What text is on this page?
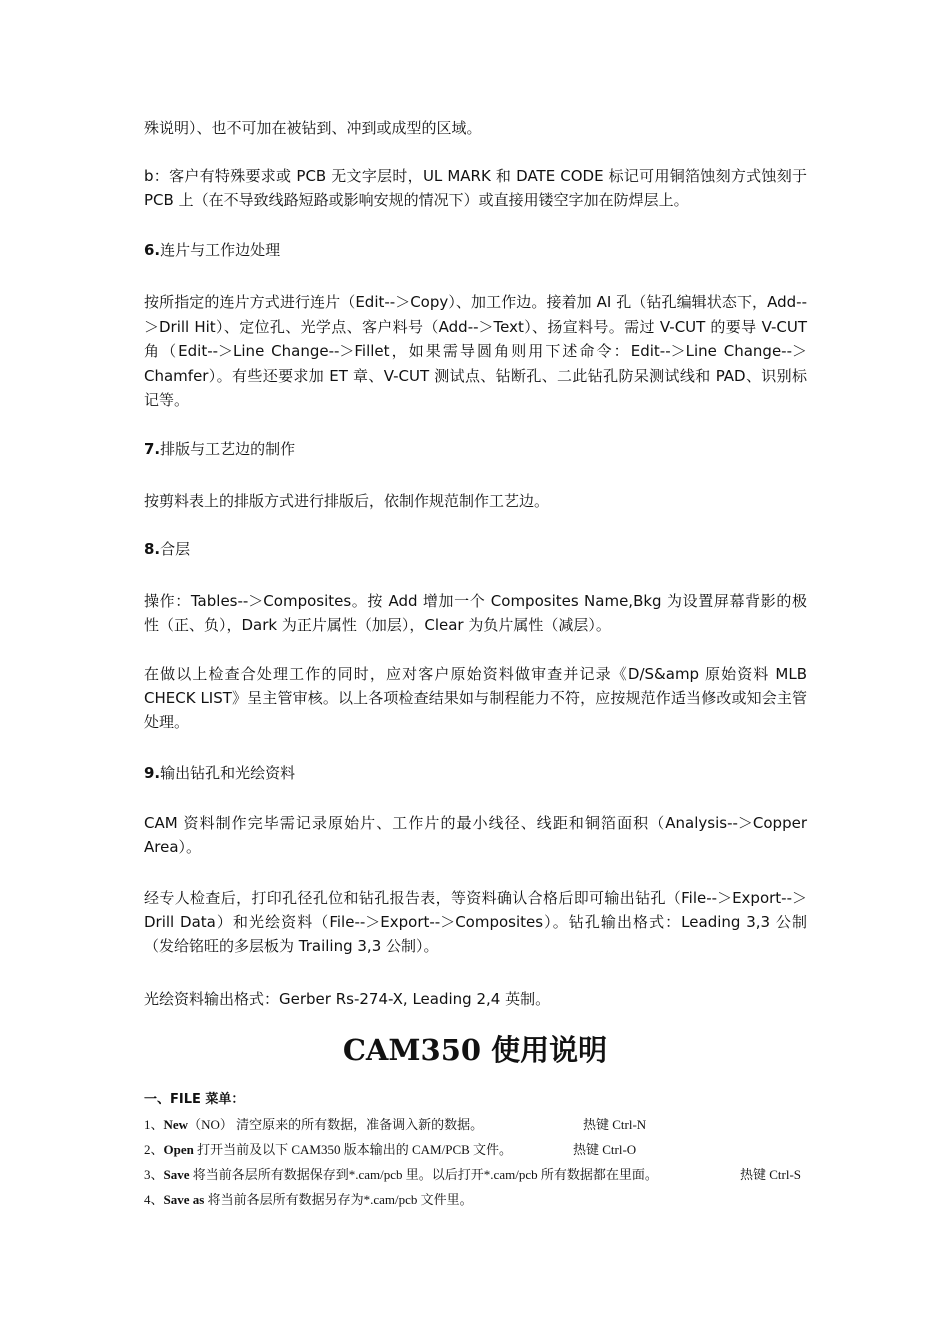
殊说明）、也不可加在被钻到、冲到或成型的区域。

b：客户有特殊要求或 PCB 无文字层时，UL MARK 和 DATE CODE 标记可用铜箔蚀刻方式蚀刻于 PCB 上（在不导致线路短路或影响安规的情况下）或直接用镂空字加在防焊层上。

6.连片与工作边处理

按所指定的连片方式进行连片（Edit--＞Copy）、加工作边。接着加 AI 孔（钻孔编辑状态下，Add--＞Drill Hit）、定位孔、光学点、客户料号（Add--＞Text）、扬宣料号。需过 V-CUT 的要导 V-CUT 角（Edit--＞Line Change--＞Fillet，如果需导圆角则用下述命令：Edit--＞Line Change--＞Chamfer）。有些还要求加 ET 章、V-CUT 测试点、钻断孔、二此钻孔防呆测试线和 PAD、识别标记等。

7.排版与工艺边的制作

按剪料表上的排版方式进行排版后，依制作规范制作工艺边。

8.合层

操作：Tables--＞Composites。按 Add 增加一个 Composites Name,Bkg 为设置屏幕背影的极性（正、负），Dark 为正片属性（加层），Clear 为负片属性（减层）。

在做以上检查合处理工作的同时，应对客户原始资料做审查并记录《D/S&amp 原始资料 MLB CHECK LIST》呈主管审核。以上各项检查结果如与制程能力不符，应按规范作适当修改或知会主管处理。

9.输出钻孔和光绘资料

CAM 资料制作完毕需记录原始片、工作片的最小线径、线距和铜箔面积（Analysis--＞Copper Area）。

经专人检查后，打印孔径孔位和钻孔报告表，等资料确认合格后即可输出钻孔（File--＞Export--＞Drill Data）和光绘资料（File--＞Export--＞Composites）。钻孔输出格式：Leading 3,3 公制（发给铭旺的多层板为 Trailing 3,3 公制）。

光绘资料输出格式：Gerber Rs-274-X, Leading 2,4 英制。

CAM350 使用说明

一、FILE 菜单：

1、New（NO） 清空原来的所有数据，准备调入新的数据。	热键 Ctrl-N

2、Open 打开当前及以下 CAM350 版本输出的 CAM/PCB 文件。	热键 Ctrl-O

3、Save 将当前各层所有数据保存到*.cam/pcb 里。以后打开*.cam/pcb 所有数据都在里面。	热键 Ctrl-S

4、Save as 将当前各层所有数据另存为*.cam/pcb 文件里。
